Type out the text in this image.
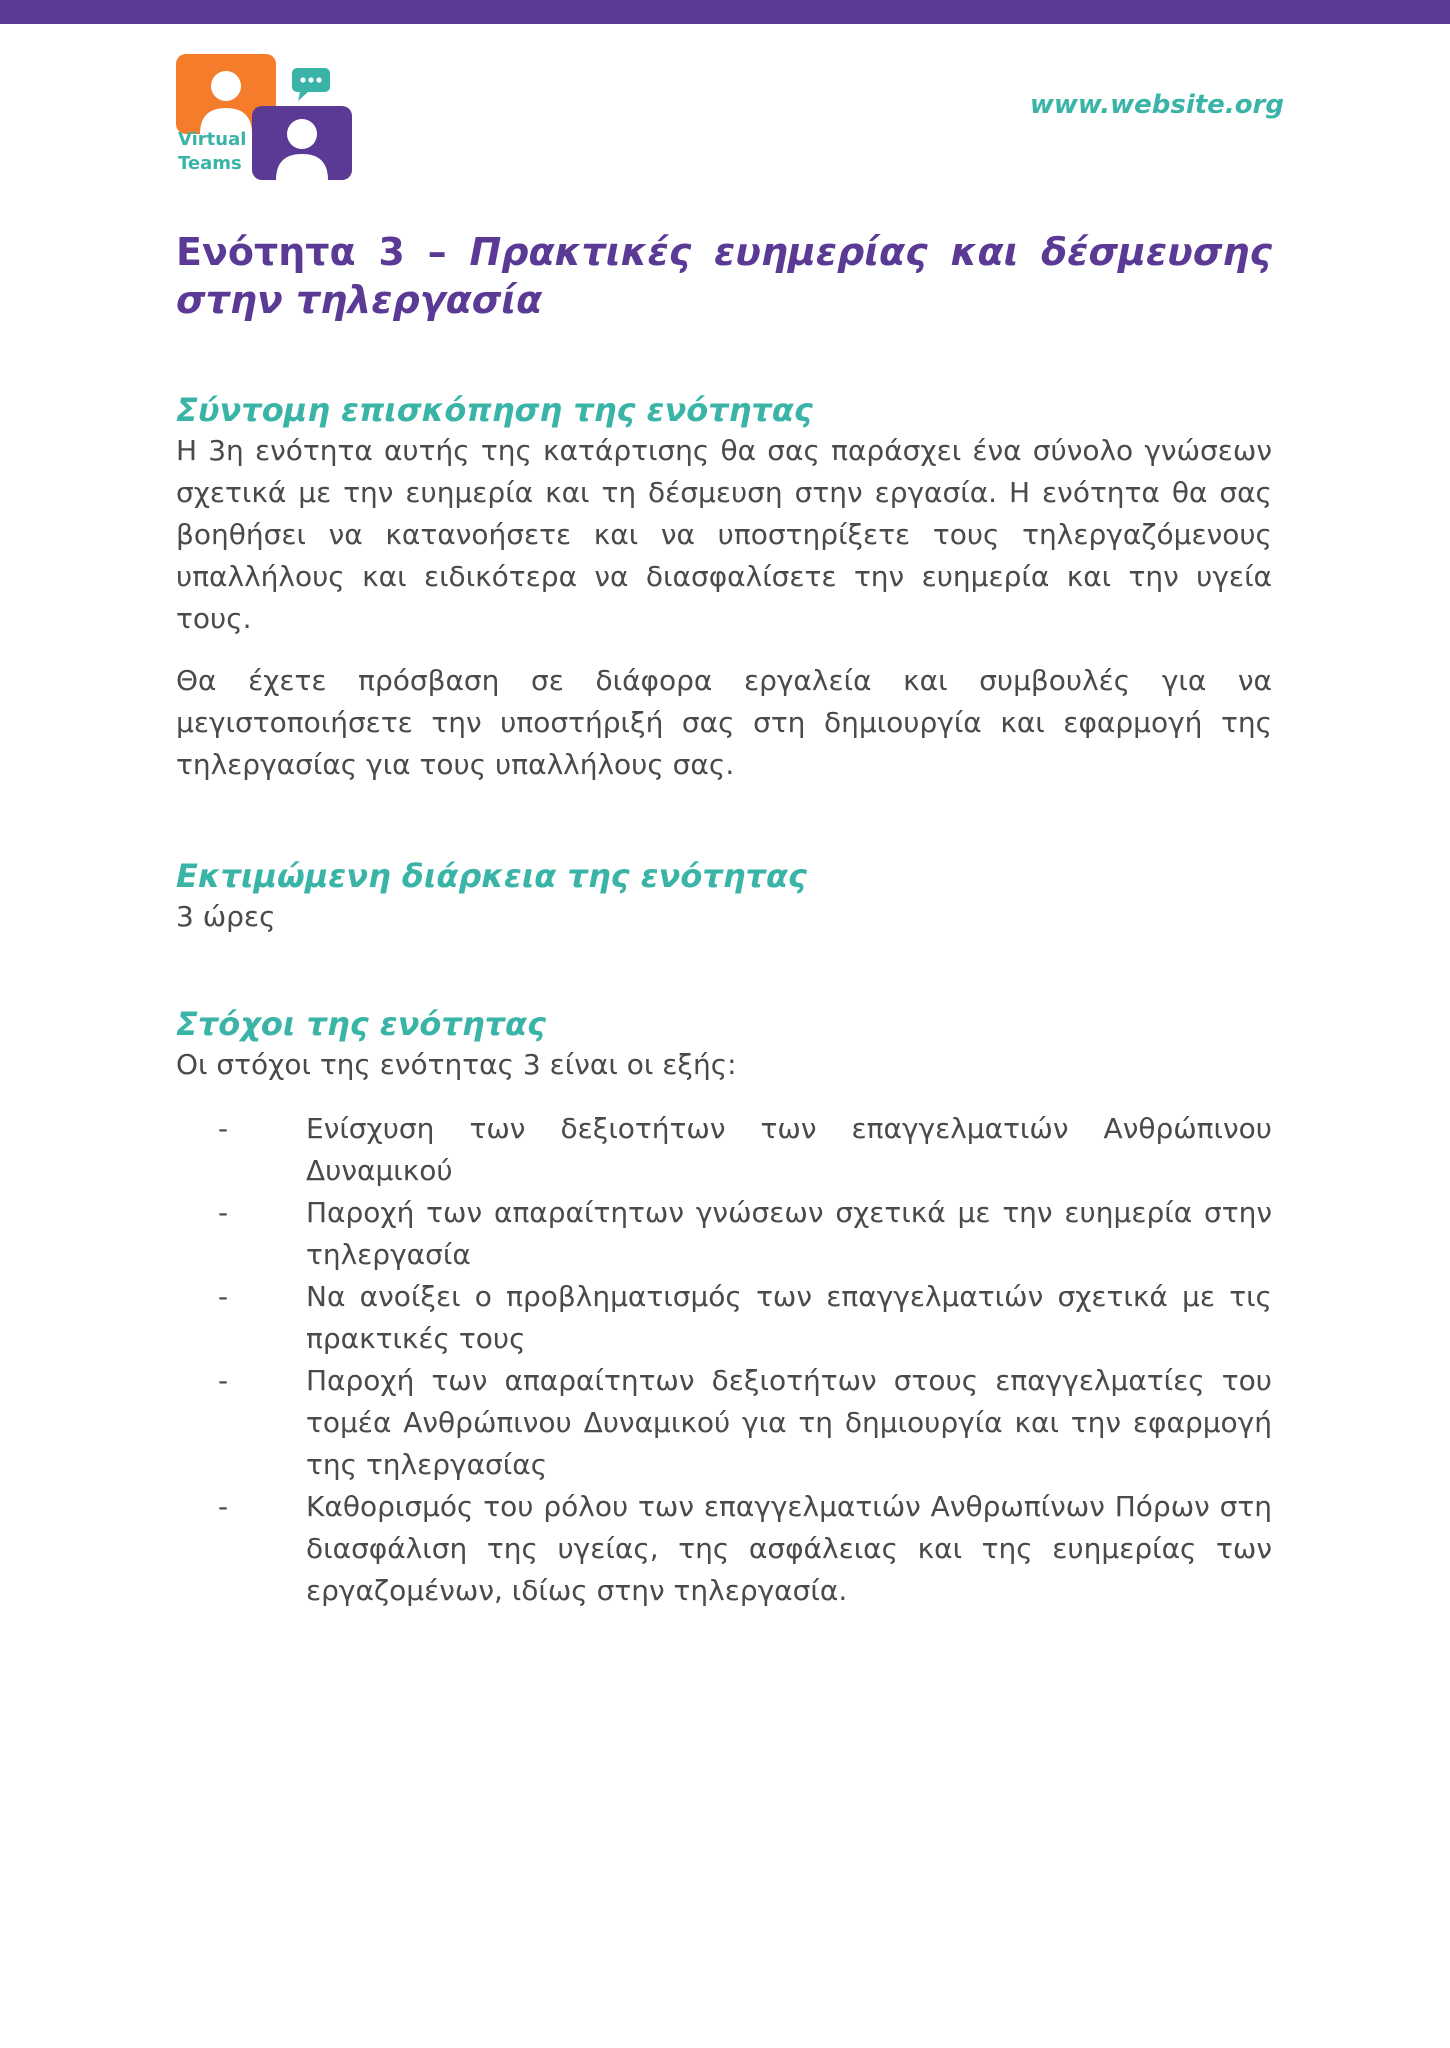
Virtual
Teams
www.website.org
Ενότητα 3 – Πρακτικές ευημερίας και δέσμευσης στην τηλεργασία
Σύντομη επισκόπηση της ενότητας

Η 3η ενότητα αυτής της κατάρτισης θα σας παράσχει ένα σύνολο γνώσεων σχετικά με την ευημερία και τη δέσμευση στην εργασία. Η ενότητα θα σας βοηθήσει να κατανοήσετε και να υποστηρίξετε τους τηλεργαζόμενους υπαλλήλους και ειδικότερα να διασφαλίσετε την ευημερία και την υγεία τους.

Θα έχετε πρόσβαση σε διάφορα εργαλεία και συμβουλές για να μεγιστοποιήσετε την υποστήριξή σας στη δημιουργία και εφαρμογή της τηλεργασίας για τους υπαλλήλους σας.

Εκτιμώμενη διάρκεια της ενότητας

3 ώρες

Στόχοι της ενότητας

Οι στόχοι της ενότητας 3 είναι οι εξής:

-	Ενίσχυση των δεξιοτήτων των επαγγελματιών Ανθρώπινου Δυναμικού
-	Παροχή των απαραίτητων γνώσεων σχετικά με την ευημερία στην τηλεργασία
-	Να ανοίξει ο προβληματισμός των επαγγελματιών σχετικά με τις πρακτικές τους
-	Παροχή των απαραίτητων δεξιοτήτων στους επαγγελματίες του τομέα Ανθρώπινου Δυναμικού για τη δημιουργία και την εφαρμογή της τηλεργασίας
-	Καθορισμός του ρόλου των επαγγελματιών Ανθρωπίνων Πόρων στη διασφάλιση της υγείας, της ασφάλειας και της ευημερίας των εργαζομένων, ιδίως στην τηλεργασία.
